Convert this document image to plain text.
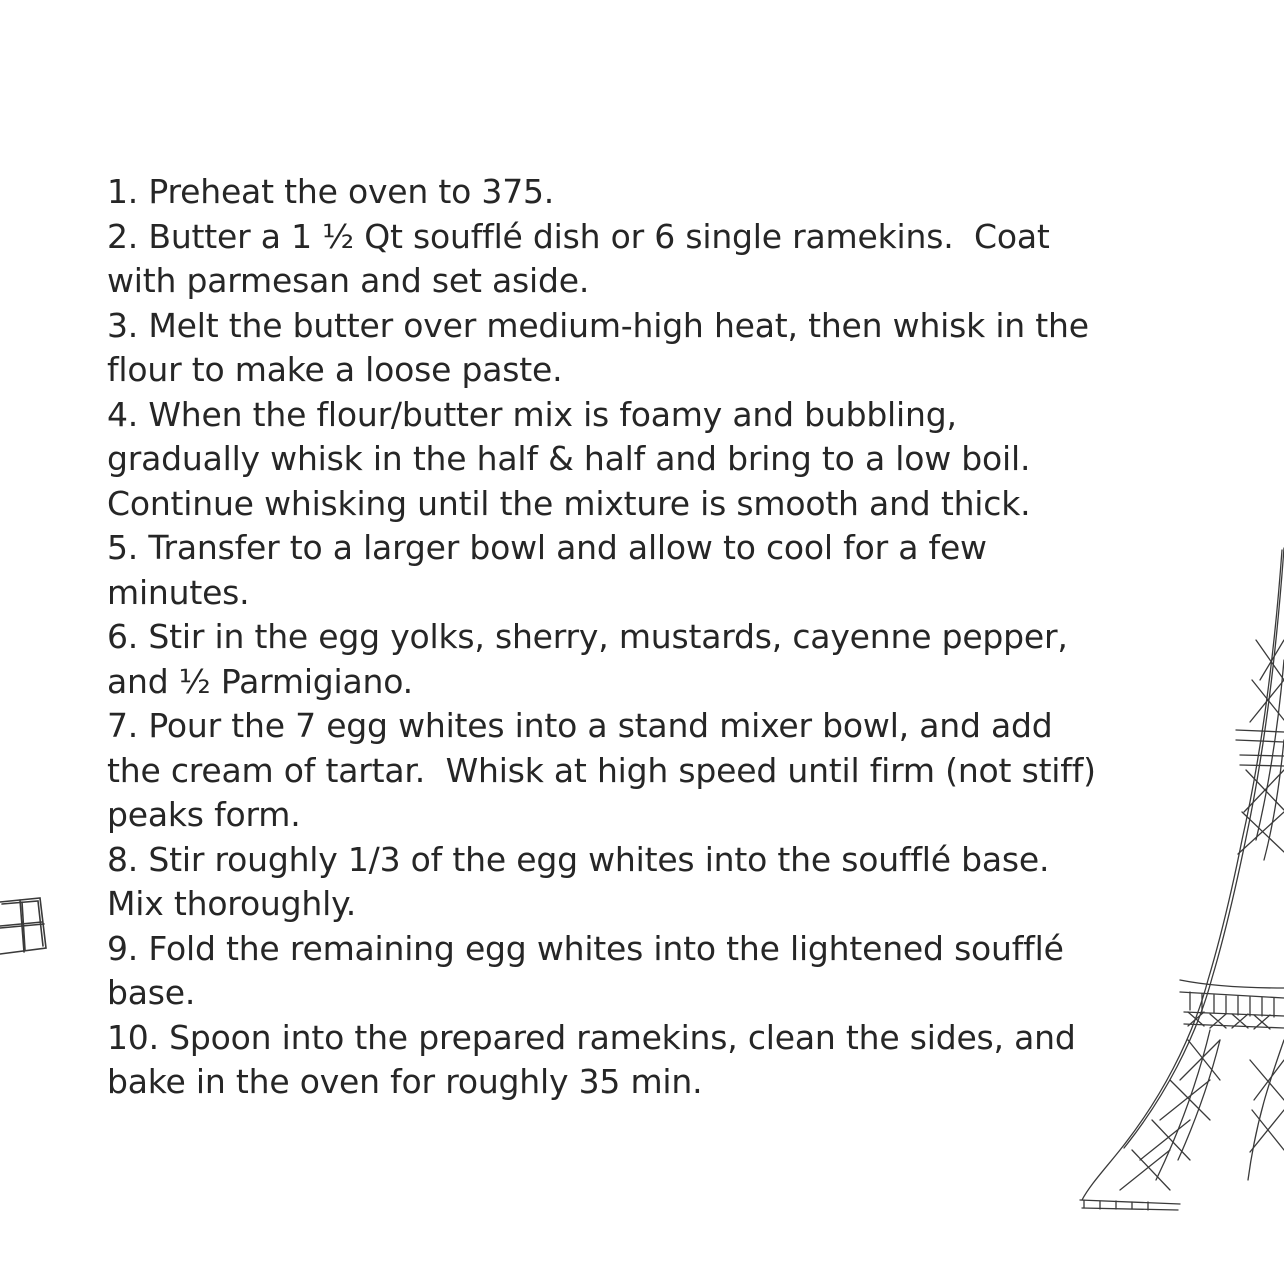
1. Preheat the oven to 375.
2. Butter a 1 ½ Qt soufflé dish or 6 single ramekins.  Coat
with parmesan and set aside.
3. Melt the butter over medium-high heat, then whisk in the
flour to make a loose paste.
4. When the flour/butter mix is foamy and bubbling,
gradually whisk in the half & half and bring to a low boil.
Continue whisking until the mixture is smooth and thick.
5. Transfer to a larger bowl and allow to cool for a few
minutes.
6. Stir in the egg yolks, sherry, mustards, cayenne pepper,
and ½ Parmigiano.
7. Pour the 7 egg whites into a stand mixer bowl, and add
the cream of tartar.  Whisk at high speed until firm (not stiff)
peaks form.
8. Stir roughly 1/3 of the egg whites into the soufflé base.
Mix thoroughly.
9. Fold the remaining egg whites into the lightened soufflé
base.
10. Spoon into the prepared ramekins, clean the sides, and
bake in the oven for roughly 35 min.
